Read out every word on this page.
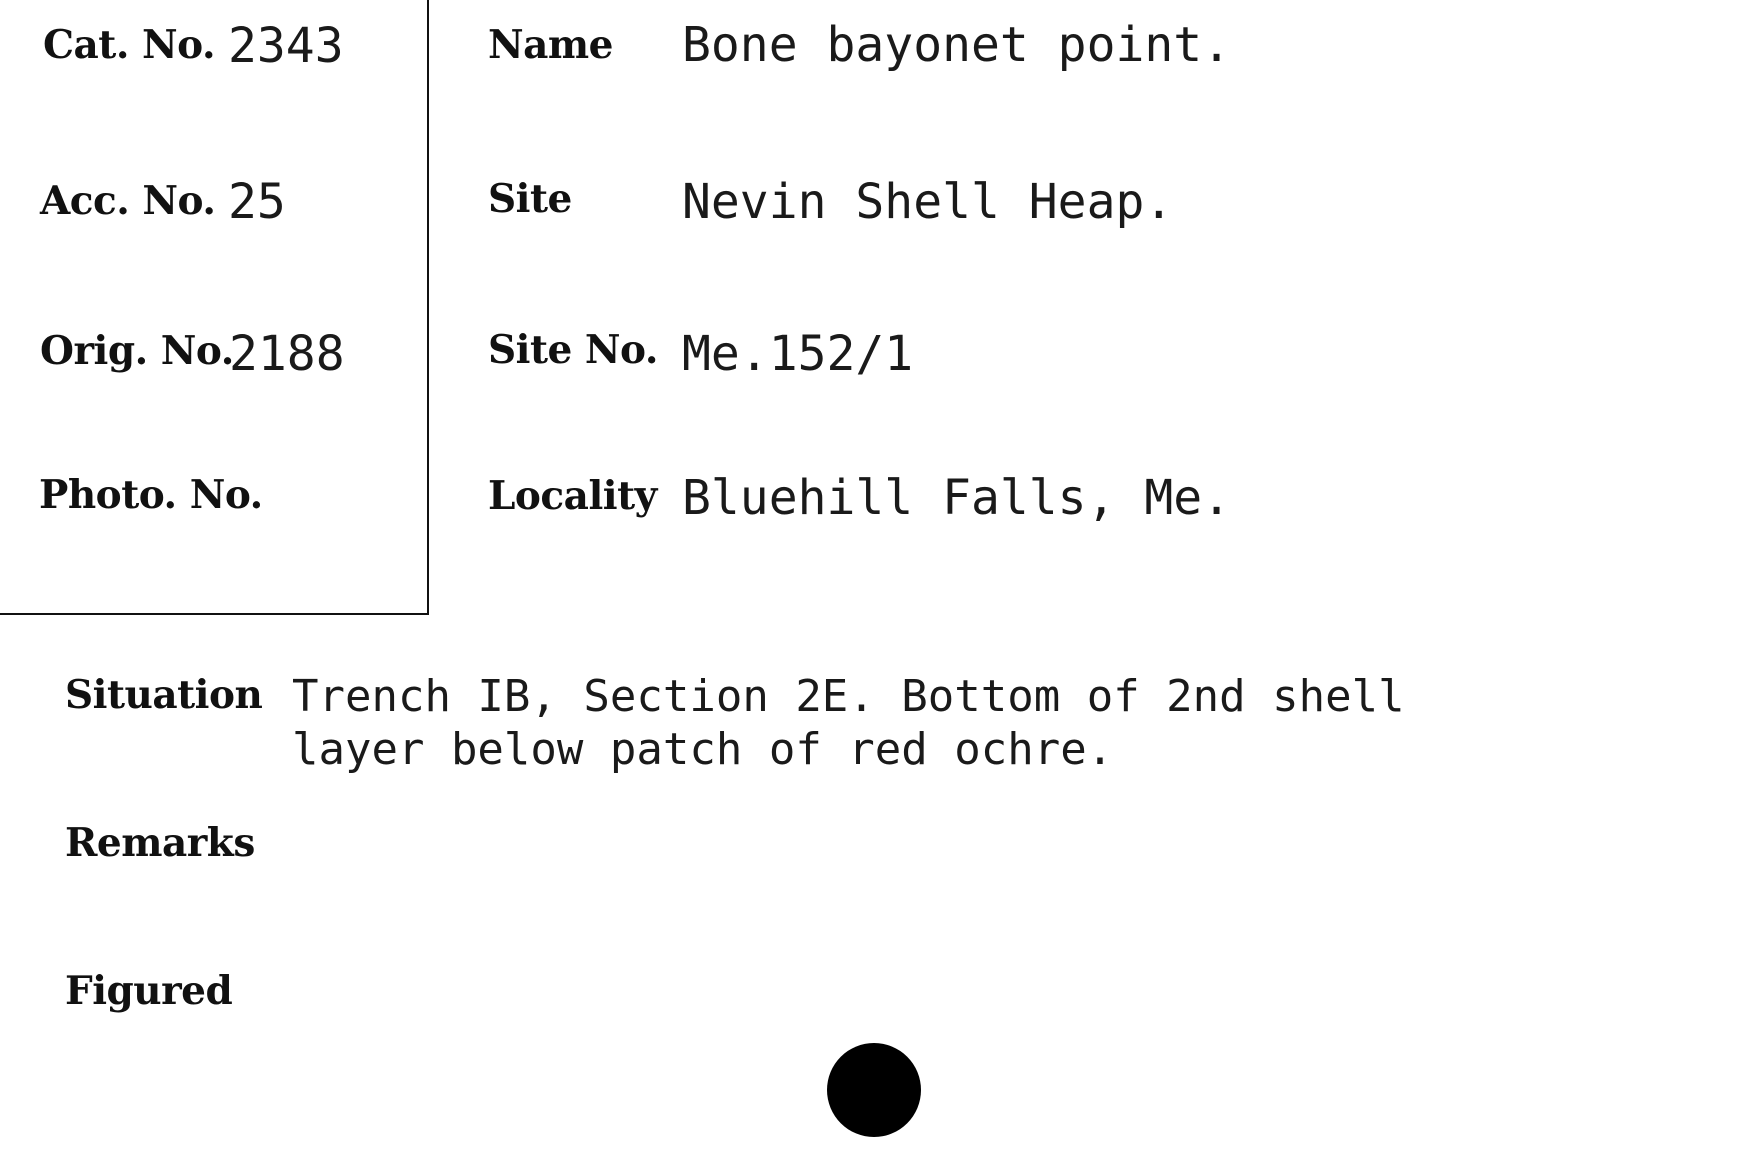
Cat. No. 2343
Acc. No. 25
Orig. No.
2188
Photo. No.
Name Bone bayonet point.
Site Nevin Shell Heap.
Site No. Me.152/1
Locality Bluehill Falls, Me.
Situation Trench IB, Section 2E. Bottom of 2nd shell
layer below patch of red ochre.
Remarks
Figured
